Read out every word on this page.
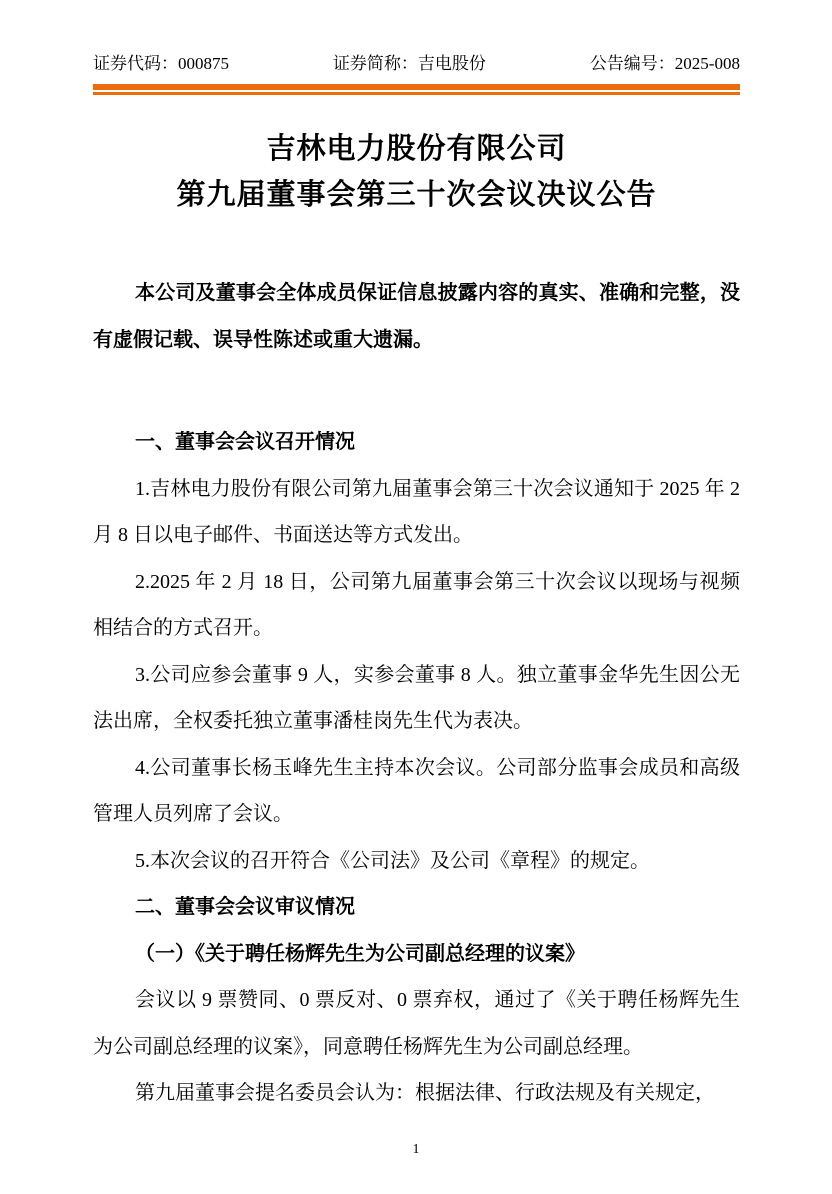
证券代码：000875	证券简称：吉电股份	公告编号：2025-008
吉林电力股份有限公司
第九届董事会第三十次会议决议公告

本公司及董事会全体成员保证信息披露内容的真实、准确和完整，没有虚假记载、误导性陈述或重大遗漏。

一、董事会会议召开情况

1.吉林电力股份有限公司第九届董事会第三十次会议通知于 2025 年 2 月 8 日以电子邮件、书面送达等方式发出。

2.2025 年 2 月 18 日，公司第九届董事会第三十次会议以现场与视频相结合的方式召开。

3.公司应参会董事 9 人，实参会董事 8 人。独立董事金华先生因公无法出席，全权委托独立董事潘桂岗先生代为表决。

4.公司董事长杨玉峰先生主持本次会议。公司部分监事会成员和高级管理人员列席了会议。

5.本次会议的召开符合《公司法》及公司《章程》的规定。

二、董事会会议审议情况

（一）《关于聘任杨辉先生为公司副总经理的议案》

会议以 9 票赞同、0 票反对、0 票弃权，通过了《关于聘任杨辉先生为公司副总经理的议案》，同意聘任杨辉先生为公司副总经理。

第九届董事会提名委员会认为：根据法律、行政法规及有关规定，

1
